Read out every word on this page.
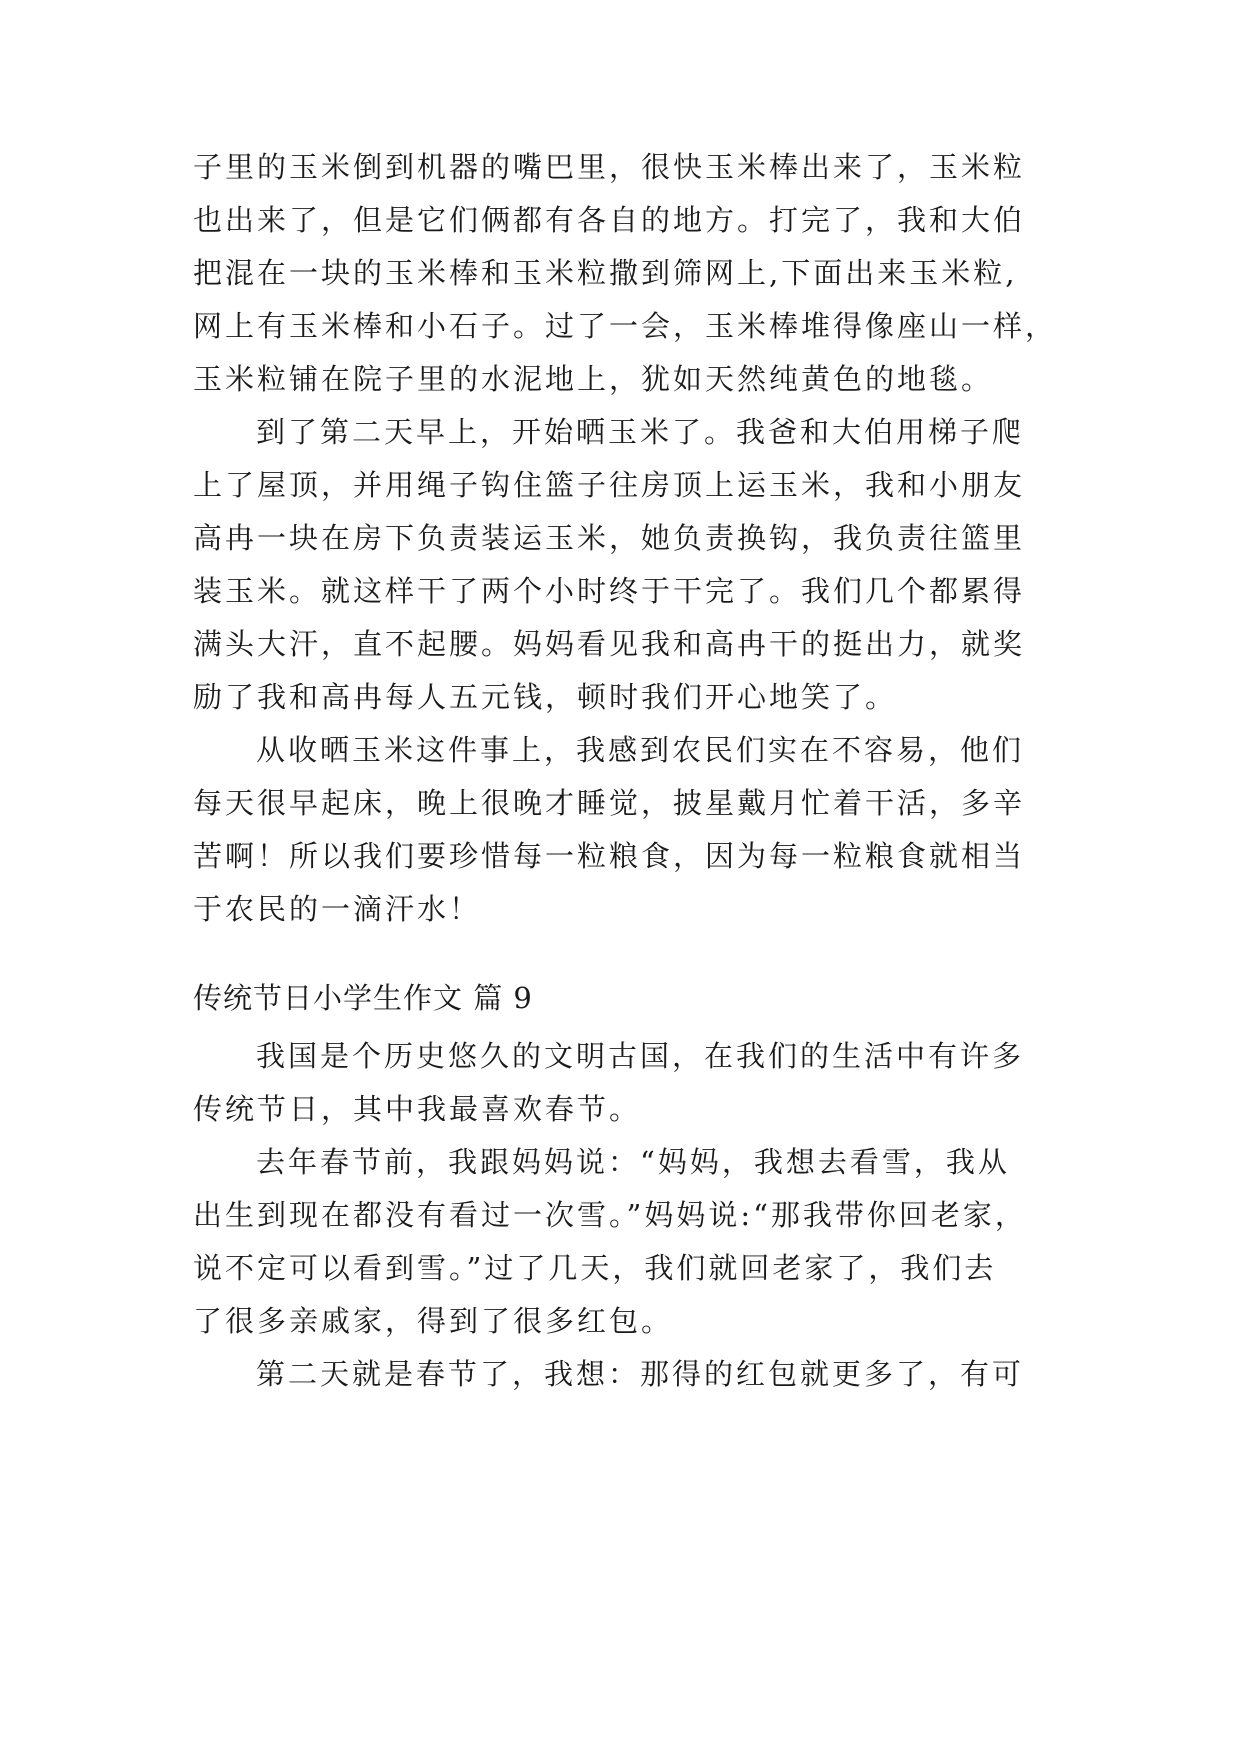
子里的玉米倒到机器的嘴巴里，很快玉米棒出来了，玉米粒
也出来了，但是它们俩都有各自的地方。打完了，我和大伯
把混在一块的玉米棒和玉米粒撒到筛网上,下面出来玉米粒,
网上有玉米棒和小石子。过了一会，玉米棒堆得像座山一样，
玉米粒铺在院子里的水泥地上，犹如天然纯黄色的地毯。
到了第二天早上，开始晒玉米了。我爸和大伯用梯子爬
上了屋顶，并用绳子钩住篮子往房顶上运玉米，我和小朋友
高冉一块在房下负责装运玉米，她负责换钩，我负责往篮里
装玉米。就这样干了两个小时终于干完了。我们几个都累得
满头大汗，直不起腰。妈妈看见我和高冉干的挺出力，就奖
励了我和高冉每人五元钱，顿时我们开心地笑了。
从收晒玉米这件事上，我感到农民们实在不容易，他们
每天很早起床，晚上很晚才睡觉，披星戴月忙着干活，多辛
苦啊！所以我们要珍惜每一粒粮食，因为每一粒粮食就相当
于农民的一滴汗水！
传统节日小学生作文 篇 9
我国是个历史悠久的文明古国，在我们的生活中有许多
传统节日，其中我最喜欢春节。
去年春节前，我跟妈妈说：“妈妈，我想去看雪，我从
出生到现在都没有看过一次雪。”妈妈说:“那我带你回老家，
说不定可以看到雪。”过了几天，我们就回老家了，我们去
了很多亲戚家，得到了很多红包。
第二天就是春节了，我想：那得的红包就更多了，有可
